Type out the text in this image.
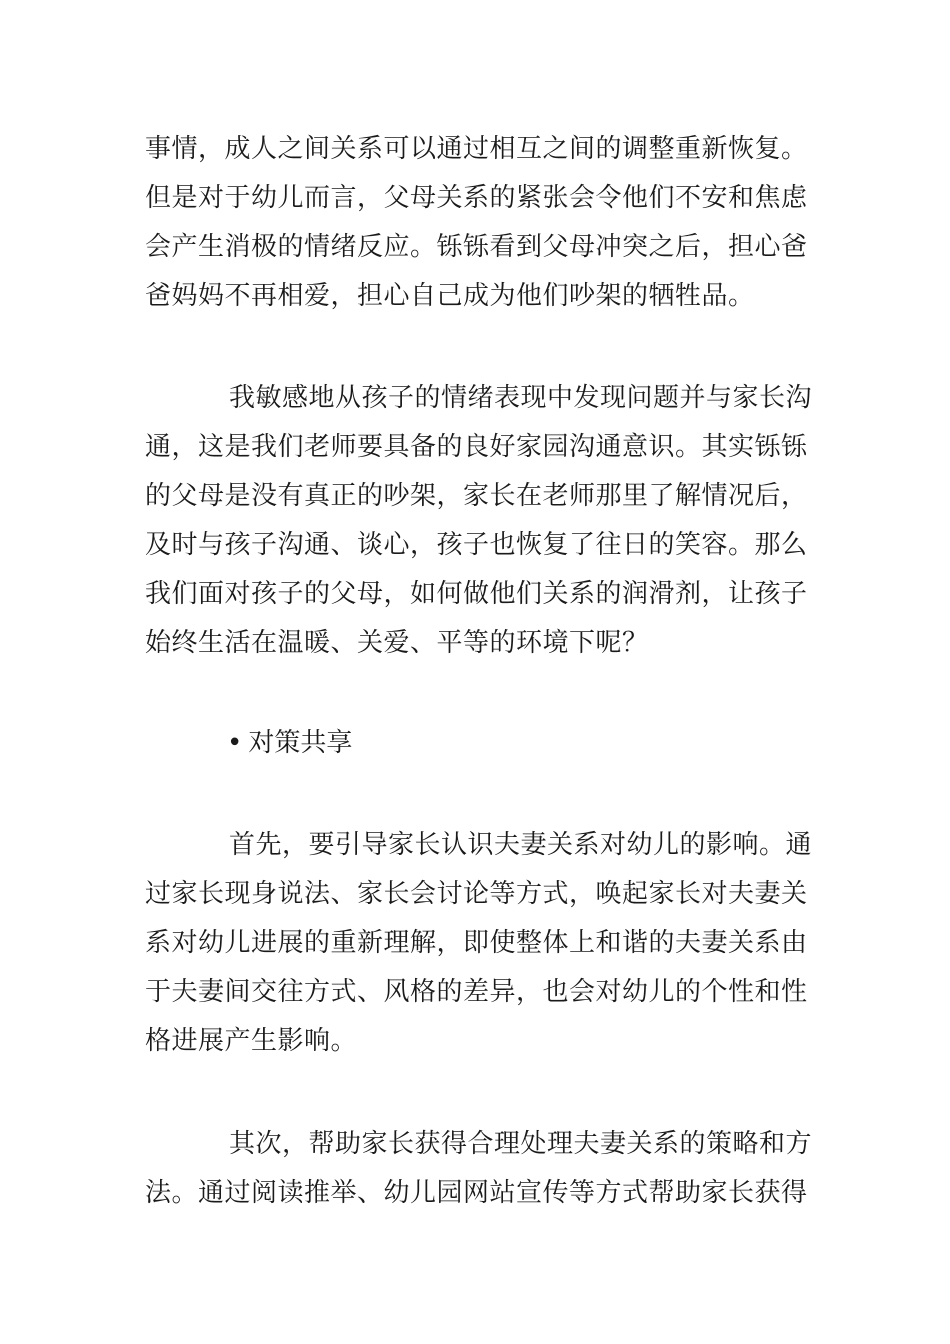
事情，成人之间关系可以通过相互之间的调整重新恢复。
但是对于幼儿而言，父母关系的紧张会令他们不安和焦虑
会产生消极的情绪反应。铄铄看到父母冲突之后，担心爸
爸妈妈不再相爱，担心自己成为他们吵架的牺牲品。

我敏感地从孩子的情绪表现中发现问题并与家长沟
通，这是我们老师要具备的良好家园沟通意识。其实铄铄
的父母是没有真正的吵架，家长在老师那里了解情况后，
及时与孩子沟通、谈心，孩子也恢复了往日的笑容。那么
我们面对孩子的父母，如何做他们关系的润滑剂，让孩子
始终生活在温暖、关爱、平等的环境下呢？

• 对策共享

首先，要引导家长认识夫妻关系对幼儿的影响。通
过家长现身说法、家长会讨论等方式，唤起家长对夫妻关
系对幼儿进展的重新理解，即使整体上和谐的夫妻关系由
于夫妻间交往方式、风格的差异，也会对幼儿的个性和性
格进展产生影响。

其次，帮助家长获得合理处理夫妻关系的策略和方
法。通过阅读推举、幼儿园网站宣传等方式帮助家长获得
